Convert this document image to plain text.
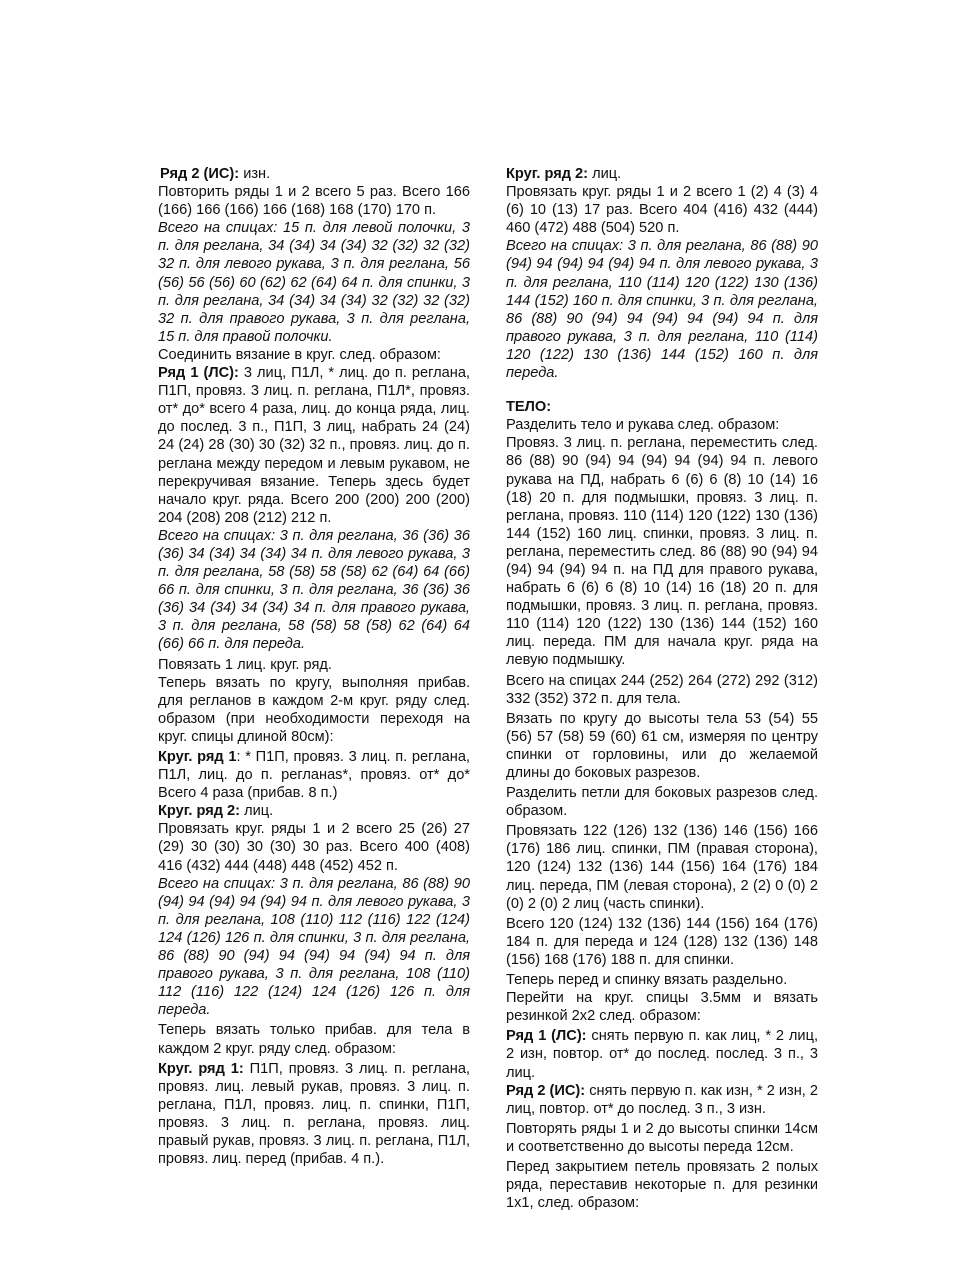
Ряд 2 (ИС): изн.

Повторить ряды 1 и 2 всего 5 раз. Всего 166 (166) 166 (166) 166 (168) 168 (170) 170 п.

Всего на спицах: 15 п. для левой полочки, 3 п. для реглана, 34 (34) 34 (34) 32 (32) 32 (32) 32 п. для левого рукава, 3 п. для реглана, 56 (56) 56 (56) 60 (62) 62 (64) 64 п. для спинки, 3 п. для реглана, 34 (34) 34 (34) 32 (32) 32 (32) 32 п. для правого рукава, 3 п. для реглана, 15 п. для правой полочки.

Соединить вязание в круг. след. образом:

Ряд 1 (ЛС): 3 лиц, П1Л, * лиц. до п. реглана, П1П, провяз. 3 лиц. п. реглана, П1Л*, провяз. от* до* всего 4 раза, лиц. до конца ряда, лиц. до послед. 3 п., П1П, 3 лиц, набрать 24 (24) 24 (24) 28 (30) 30 (32) 32 п., провяз. лиц. до п. реглана между передом и левым рукавом, не перекручивая вязание. Теперь здесь будет начало круг. ряда. Всего 200 (200) 200 (200) 204 (208) 208 (212) 212 п.

Всего на спицах: 3 п. для реглана, 36 (36) 36 (36) 34 (34) 34 (34) 34 п. для левого рукава, 3 п. для реглана, 58 (58) 58 (58) 62 (64) 64 (66) 66 п. для спинки, 3 п. для реглана, 36 (36) 36 (36) 34 (34) 34 (34) 34 п. для правого рукава, 3 п. для реглана, 58 (58) 58 (58) 62 (64) 64 (66) 66 п. для переда.

Повязать 1 лиц. круг. ряд.

Теперь вязать по кругу, выполняя прибав. для регланов в каждом 2-м круг. ряду след. образом (при необходимости переходя на круг. спицы длиной 80см):

Круг. ряд 1: * П1П, провяз. 3 лиц. п. реглана, П1Л, лиц. до п. регланаs*, провяз. от* до* Всего 4 раза (прибав. 8 п.)

Круг. ряд 2: лиц.

Провязать круг. ряды 1 и 2 всего 25 (26) 27 (29) 30 (30) 30 (30) 30 раз. Всего 400 (408) 416 (432) 444 (448) 448 (452) 452 п.

Всего на спицах: 3 п. для реглана, 86 (88) 90 (94) 94 (94) 94 (94) 94 п. для левого рукава, 3 п. для реглана, 108 (110) 112 (116) 122 (124) 124 (126) 126 п. для спинки, 3 п. для реглана, 86 (88) 90 (94) 94 (94) 94 (94) 94 п. для правого рукава, 3 п. для реглана, 108 (110) 112 (116) 122 (124) 124 (126) 126 п. для переда.

Теперь вязать только прибав. для тела в каждом 2 круг. ряду след. образом:

Круг. ряд 1: П1П, провяз. 3 лиц. п. реглана, провяз. лиц. левый рукав, провяз. 3 лиц. п. реглана, П1Л, провяз. лиц. п. спинки, П1П, провяз. 3 лиц. п. реглана, провяз. лиц. правый рукав, провяз. 3 лиц. п. реглана, П1Л, провяз. лиц. перед (прибав. 4 п.).

Круг. ряд 2: лиц.

Провязать круг. ряды 1 и 2 всего 1 (2) 4 (3) 4 (6) 10 (13) 17 раз. Всего 404 (416) 432 (444) 460 (472) 488 (504) 520 п.

Всего на спицах: 3 п. для реглана, 86 (88) 90 (94) 94 (94) 94 (94) 94 п. для левого рукава, 3 п. для реглана, 110 (114) 120 (122) 130 (136) 144 (152) 160 п. для спинки, 3 п. для реглана, 86 (88) 90 (94) 94 (94) 94 (94) 94 п. для правого рукава, 3 п. для реглана, 110 (114) 120 (122) 130 (136) 144 (152) 160 п. для переда.

ТЕЛО:

Разделить тело и рукава след. образом:

Провяз. 3 лиц. п. реглана, переместить след. 86 (88) 90 (94) 94 (94) 94 (94) 94 п. левого рукава на ПД, набрать 6 (6) 6 (8) 10 (14) 16 (18) 20 п. для подмышки, провяз. 3 лиц. п. реглана, провяз. 110 (114) 120 (122) 130 (136) 144 (152) 160 лиц. спинки, провяз. 3 лиц. п. реглана, переместить след. 86 (88) 90 (94) 94 (94) 94 (94) 94 п. на ПД для правого рукава, набрать 6 (6) 6 (8) 10 (14) 16 (18) 20 п. для подмышки, провяз. 3 лиц. п. реглана, провяз. 110 (114) 120 (122) 130 (136) 144 (152) 160 лиц. переда. ПМ для начала круг. ряда на левую подмышку.

Всего на спицах 244 (252) 264 (272) 292 (312) 332 (352) 372 п. для тела.

Вязать по кругу до высоты тела 53 (54) 55 (56) 57 (58) 59 (60) 61 см, измеряя по центру спинки от горловины, или до желаемой длины до боковых разрезов.

Разделить петли для боковых разрезов след. образом.

Провязать 122 (126) 132 (136) 146 (156) 166 (176) 186 лиц. спинки, ПМ (правая сторона), 120 (124) 132 (136) 144 (156) 164 (176) 184 лиц. переда, ПМ (левая сторона), 2 (2) 0 (0) 2 (0) 2 (0) 2 лиц (часть спинки).

Всего 120 (124) 132 (136) 144 (156) 164 (176) 184 п. для переда и 124 (128) 132 (136) 148 (156) 168 (176) 188 п. для спинки.

Теперь перед и спинку вязать раздельно.

Перейти на круг. спицы 3.5мм и вязать резинкой 2х2 след. образом:

Ряд 1 (ЛС): снять первую п. как лиц, * 2 лиц, 2 изн, повтор. от* до послед. послед. 3 п., 3 лиц.

Ряд 2 (ИС): снять первую п. как изн, * 2 изн, 2 лиц, повтор. от* до послед. 3 п., 3 изн.

Повторять ряды 1 и 2 до высоты спинки 14см и соответственно до высоты переда 12см.

Перед закрытием петель провязать 2 полых ряда, переставив некоторые п. для резинки 1х1, след. образом:
